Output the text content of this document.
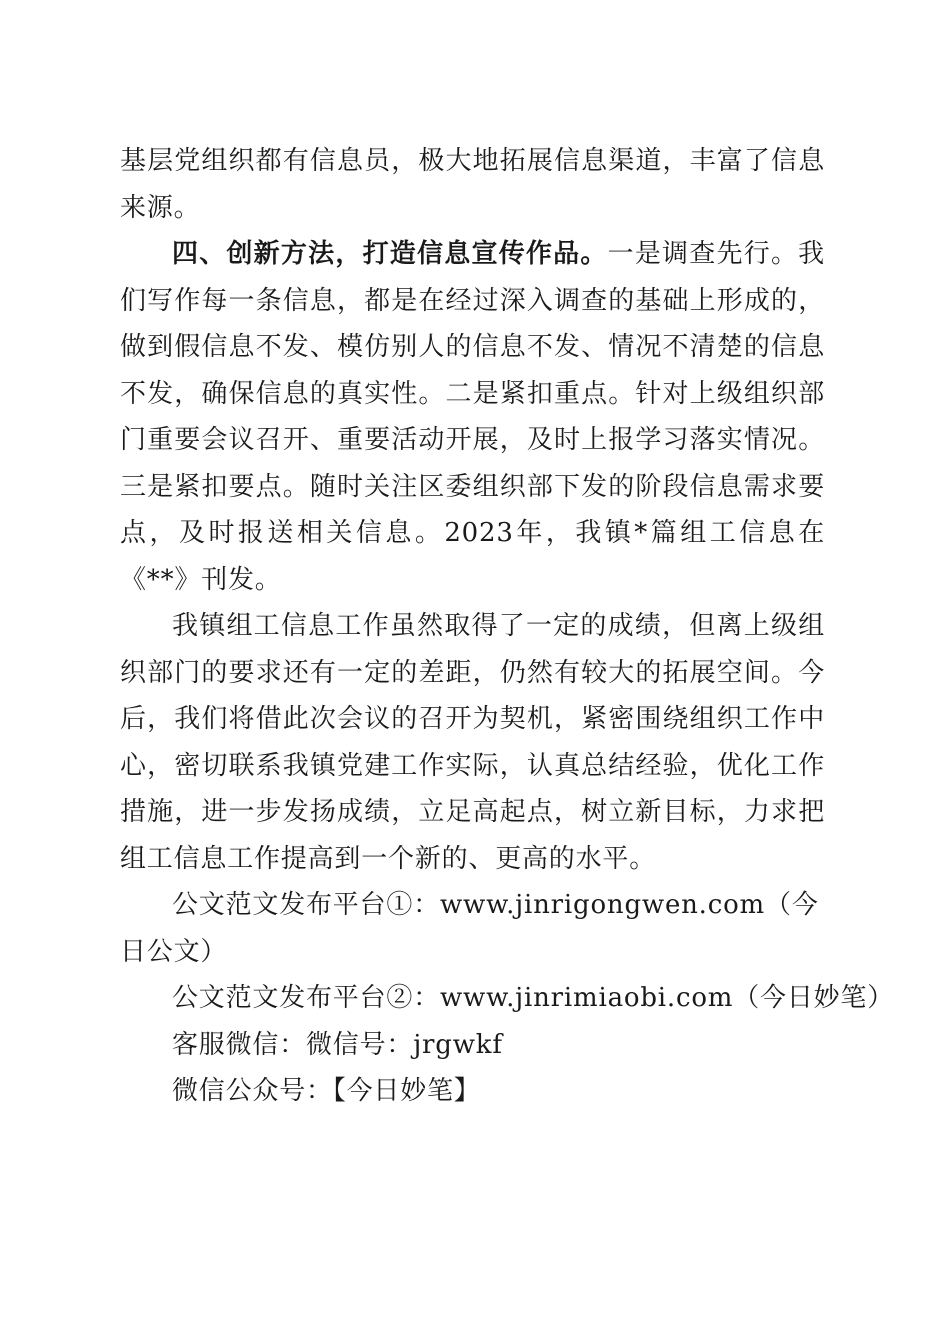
基层党组织都有信息员，极大地拓展信息渠道，丰富了信息来源。

四、创新方法，打造信息宣传作品。一是调查先行。我们写作每一条信息，都是在经过深入调查的基础上形成的，做到假信息不发、模仿别人的信息不发、情况不清楚的信息不发，确保信息的真实性。二是紧扣重点。针对上级组织部门重要会议召开、重要活动开展，及时上报学习落实情况。三是紧扣要点。随时关注区委组织部下发的阶段信息需求要点，及时报送相关信息。2023年，我镇*篇组工信息在《**》刊发。

我镇组工信息工作虽然取得了一定的成绩，但离上级组织部门的要求还有一定的差距，仍然有较大的拓展空间。今后，我们将借此次会议的召开为契机，紧密围绕组织工作中心，密切联系我镇党建工作实际，认真总结经验，优化工作措施，进一步发扬成绩，立足高起点，树立新目标，力求把组工信息工作提高到一个新的、更高的水平。

公文范文发布平台①：www.jinrigongwen.com（今日公文）

公文范文发布平台②：www.jinrimiaobi.com（今日妙笔）

客服微信：微信号：jrgwkf

微信公众号：【今日妙笔】
